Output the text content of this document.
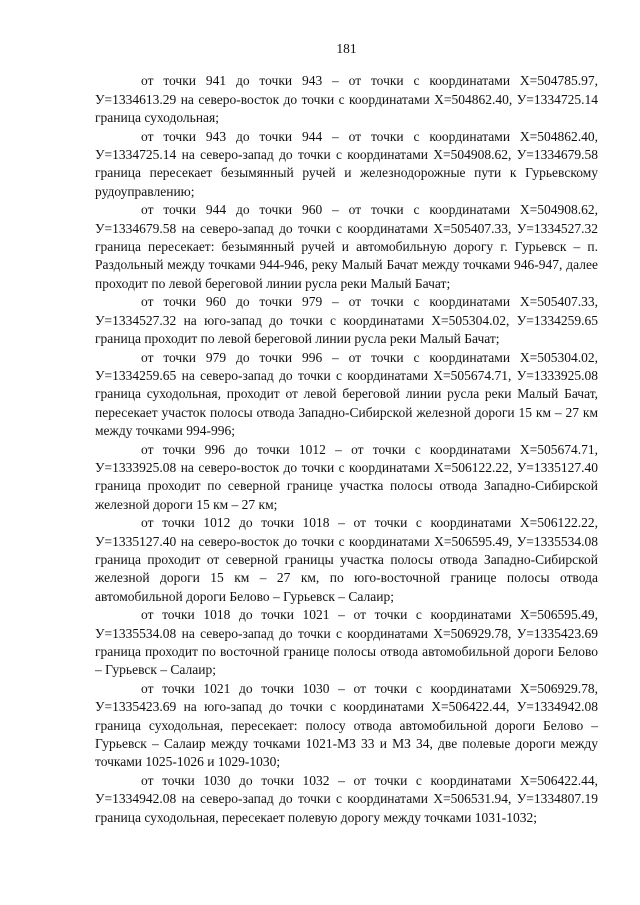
181

от точки 941 до точки 943 – от точки с координатами Х=504785.97, У=1334613.29 на северо-восток до точки с координатами Х=504862.40, У=1334725.14 граница суходольная;

от точки 943 до точки 944 – от точки с координатами Х=504862.40, У=1334725.14 на северо-запад до точки с координатами Х=504908.62, У=1334679.58 граница пересекает безымянный ручей и железнодорожные пути к Гурьевскому рудоуправлению;

от точки 944 до точки 960 – от точки с координатами Х=504908.62, У=1334679.58 на северо-запад до точки с координатами Х=505407.33, У=1334527.32 граница пересекает: безымянный ручей и автомобильную дорогу г. Гурьевск – п. Раздольный между точками 944-946, реку Малый Бачат между точками 946-947, далее проходит по левой береговой линии русла реки Малый Бачат;

от точки 960 до точки 979 – от точки с координатами Х=505407.33, У=1334527.32 на юго-запад до точки с координатами Х=505304.02, У=1334259.65 граница проходит по левой береговой линии русла реки Малый Бачат;

от точки 979 до точки 996 – от точки с координатами Х=505304.02, У=1334259.65 на северо-запад до точки с координатами Х=505674.71, У=1333925.08 граница суходольная, проходит от левой береговой линии русла реки Малый Бачат, пересекает участок полосы отвода Западно-Сибирской железной дороги 15 км – 27 км между точками 994-996;

от точки 996 до точки 1012 – от точки с координатами Х=505674.71, У=1333925.08 на северо-восток до точки с координатами Х=506122.22, У=1335127.40 граница проходит по северной границе участка полосы отвода Западно-Сибирской железной дороги 15 км – 27 км;

от точки 1012 до точки 1018 – от точки с координатами Х=506122.22, У=1335127.40 на северо-восток до точки с координатами Х=506595.49, У=1335534.08 граница проходит от северной границы участка полосы отвода Западно-Сибирской железной дороги 15 км – 27 км, по юго-восточной границе полосы отвода автомобильной дороги Белово – Гурьевск – Салаир;

от точки 1018 до точки 1021 – от точки с координатами Х=506595.49, У=1335534.08 на северо-запад до точки с координатами Х=506929.78, У=1335423.69 граница проходит по восточной границе полосы отвода автомобильной дороги Белово – Гурьевск – Салаир;

от точки 1021 до точки 1030 – от точки с координатами Х=506929.78, У=1335423.69 на юго-запад до точки с координатами Х=506422.44, У=1334942.08 граница суходольная, пересекает: полосу отвода автомобильной дороги Белово – Гурьевск – Салаир между точками 1021-МЗ 33 и МЗ 34, две полевые дороги между точками 1025-1026 и 1029-1030;

от точки 1030 до точки 1032 – от точки с координатами Х=506422.44, У=1334942.08 на северо-запад до точки с координатами Х=506531.94, У=1334807.19 граница суходольная, пересекает полевую дорогу между точками 1031-1032;
